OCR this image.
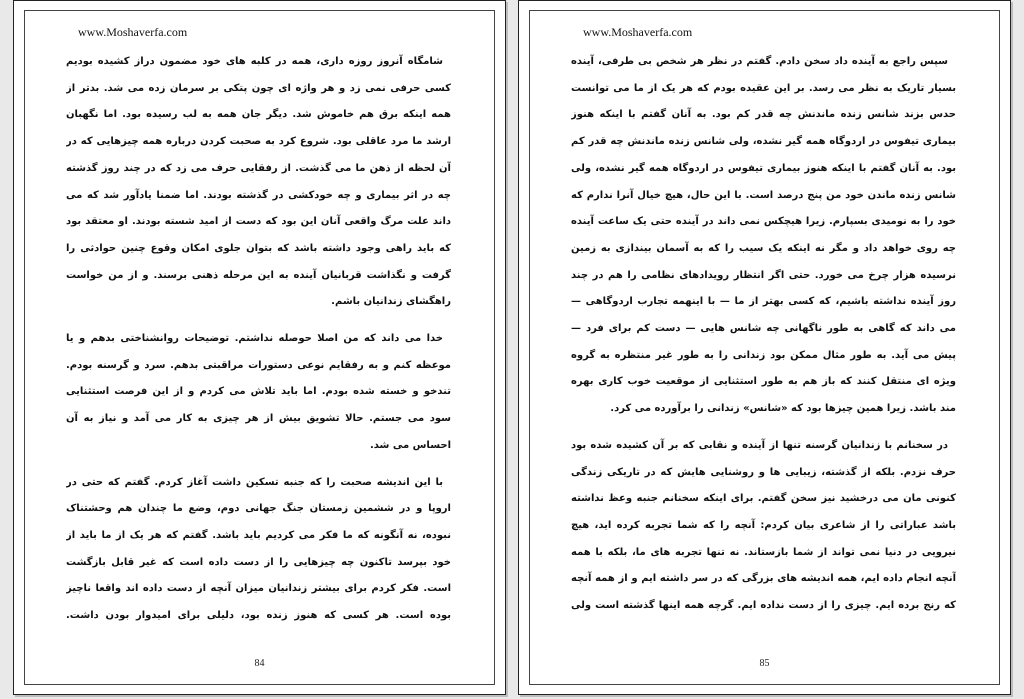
www.Moshaverfa.com

شامگاه آنروز روزه داری، همه در کلبه های خود مضمون دراز کشیده بودیم کسی حرفی نمی زد و هر واژه ای چون پتکی بر سرمان زده می شد. بدتر از همه اینکه برق هم خاموش شد. دیگر جان همه به لب رسیده بود. اما نگهبان ارشد ما مرد عاقلی بود. شروع کرد به صحبت کردن درباره همه چیزهایی که در آن لحظه از ذهن ما می گذشت. از رفقایی حرف می زد که در چند روز گذشته چه در اثر بیماری و چه خودکشی در گذشته بودند. اما ضمنا یادآور شد که می داند علت مرگ واقعی آنان این بود که دست از امید شسته بودند. او معتقد بود که باید راهی وجود داشته باشد که بتوان جلوی امکان وقوع چنین حوادثی را گرفت و نگذاشت قربانیان آینده به این مرحله ذهنی برسند. و از من خواست راهگشای زندانیان باشم.

خدا می داند که من اصلا حوصله نداشتم. توضیحات روانشناختی بدهم و یا موعظه کنم و به رفقایم نوعی دستورات مراقبتی بدهم. سرد و گرسنه بودم. تندخو و خسته شده بودم. اما باید تلاش می کردم و از این فرصت استثنایی سود می جستم. حالا تشویق بیش از هر چیزی به کار می آمد و نیاز به آن احساس می شد.

با این اندیشه صحبت را که جنبه تسکین داشت آغاز کردم. گفتم که حتی در اروپا و در ششمین زمستان جنگ جهانی دوم، وضع ما چندان هم وحشتناک نبوده، نه آنگونه که ما فکر می کردیم باید باشد. گفتم که هر یک از ما باید از خود بپرسد تاکنون چه چیزهایی را از دست داده است که غیر قابل بازگشت است. فکر کردم برای بیشتر زندانیان میزان آنچه از دست داده اند واقعا ناچیز بوده است. هر کسی که هنوز زنده بود، دلیلی برای امیدوار بودن داشت.

84
www.Moshaverfa.com

سپس راجع به آینده داد سخن دادم. گفتم در نظر هر شخص بی طرفی، آینده بسیار تاریک به نظر می رسد. بر این عقیده بودم که هر یک از ما می توانست حدس بزند شانس زنده ماندنش چه قدر کم بود. به آنان گفتم با اینکه هنوز بیماری تیفوس در اردوگاه همه گیر نشده، ولی شانس زنده ماندنش چه قدر کم بود. به آنان گفتم با اینکه هنوز بیماری تیفوس در اردوگاه همه گیر نشده، ولی شانس زنده ماندن خود من پنج درصد است. با این حال، هیچ خیال آنرا ندارم که خود را به نومیدی بسپارم. زیرا هیچکس نمی داند در آینده حتی یک ساعت آینده چه روی خواهد داد و مگر نه اینکه یک سیب را که به آسمان بیندازی به زمین نرسیده هزار چرخ می خورد. حتی اگر انتظار رویدادهای نظامی را هم در چند روز آینده نداشته باشیم، که کسی بهتر از ما — با اینهمه تجارب اردوگاهی — می داند که گاهی به طور ناگهانی چه شانس هایی — دست کم برای فرد — پیش می آید. به طور مثال ممکن بود زندانی را به طور غیر منتظره به گروه ویژه ای منتقل کنند که باز هم به طور استثنایی از موقعیت خوب کاری بهره مند باشد. زیرا همین چیزها بود که «شانس» زندانی را برآورده می کرد.

در سخنانم با زندانیان گرسنه تنها از آینده و نقابی که بر آن کشیده شده بود حرف نزدم. بلکه از گذشته، زیبایی ها و روشنایی هایش که در تاریکی زندگی کنونی مان می درخشید نیز سخن گفتم. برای اینکه سخنانم جنبه وعظ نداشته باشد عباراتی را از شاعری بیان کردم: آنچه را که شما تجربه کرده اید، هیچ نیرویی در دنیا نمی تواند از شما بازستاند. نه تنها تجربه های ما، بلکه با همه آنچه انجام داده ایم، همه اندیشه های بزرگی که در سر داشته ایم و از همه آنچه که رنج برده ایم. چیزی را از دست نداده ایم. گرچه همه اینها گذشته است ولی

85
